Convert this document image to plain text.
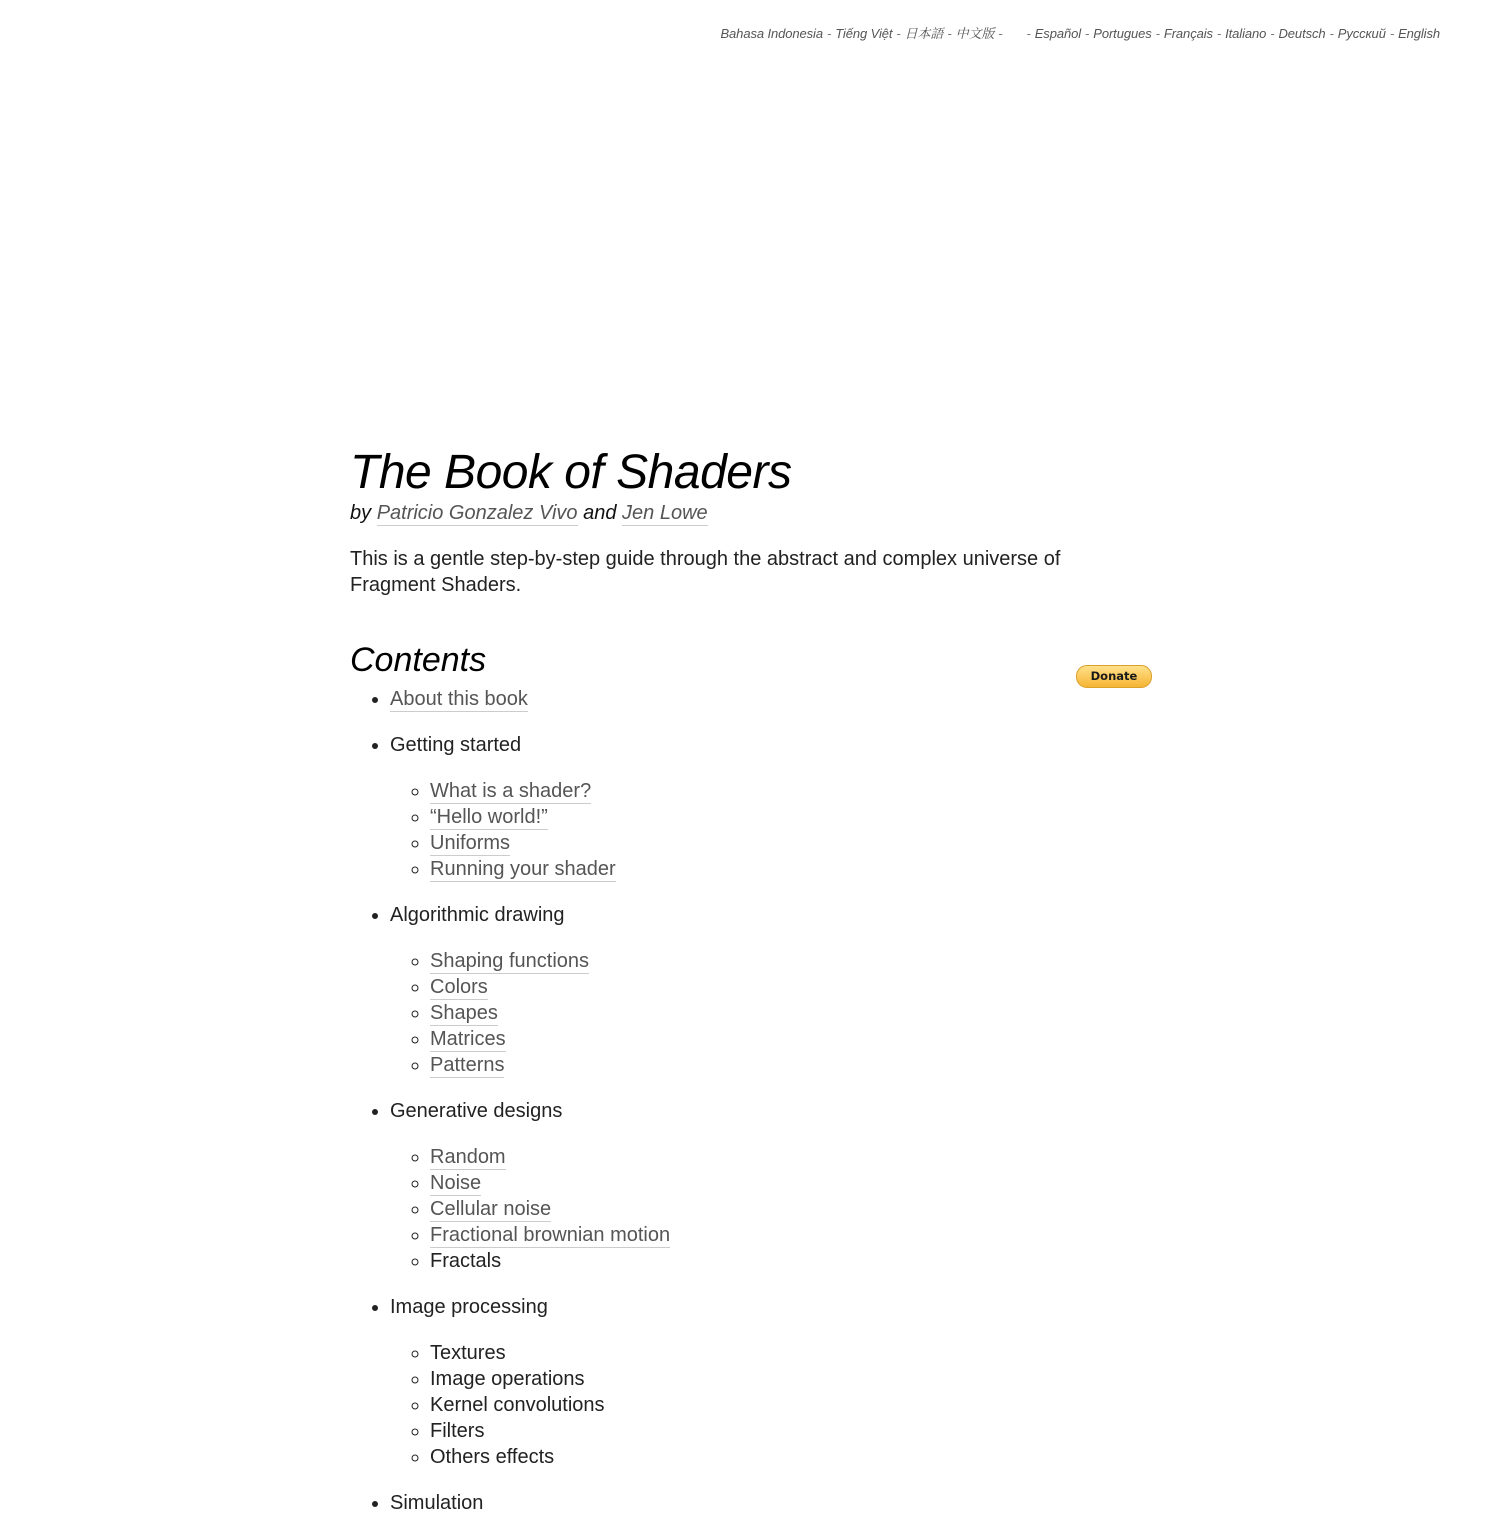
Bahasa Indonesia - Tiếng Việt - 日本語 - 中文版 - - Español - Portugues - Français - Italiano - Deutsch - Русский - English
The Book of Shaders
by Patricio Gonzalez Vivo and Jen Lowe

This is a gentle step-by-step guide through the abstract and complex universe of Fragment Shaders.

Contents	Donate
• About this book
• Getting started
◦ What is a shader?
◦ “Hello world!”
◦ Uniforms
◦ Running your shader
• Algorithmic drawing
◦ Shaping functions
◦ Colors
◦ Shapes
◦ Matrices
◦ Patterns
• Generative designs
◦ Random
◦ Noise
◦ Cellular noise
◦ Fractional brownian motion
◦ Fractals
• Image processing
◦ Textures
◦ Image operations
◦ Kernel convolutions
◦ Filters
◦ Others effects
• Simulation
